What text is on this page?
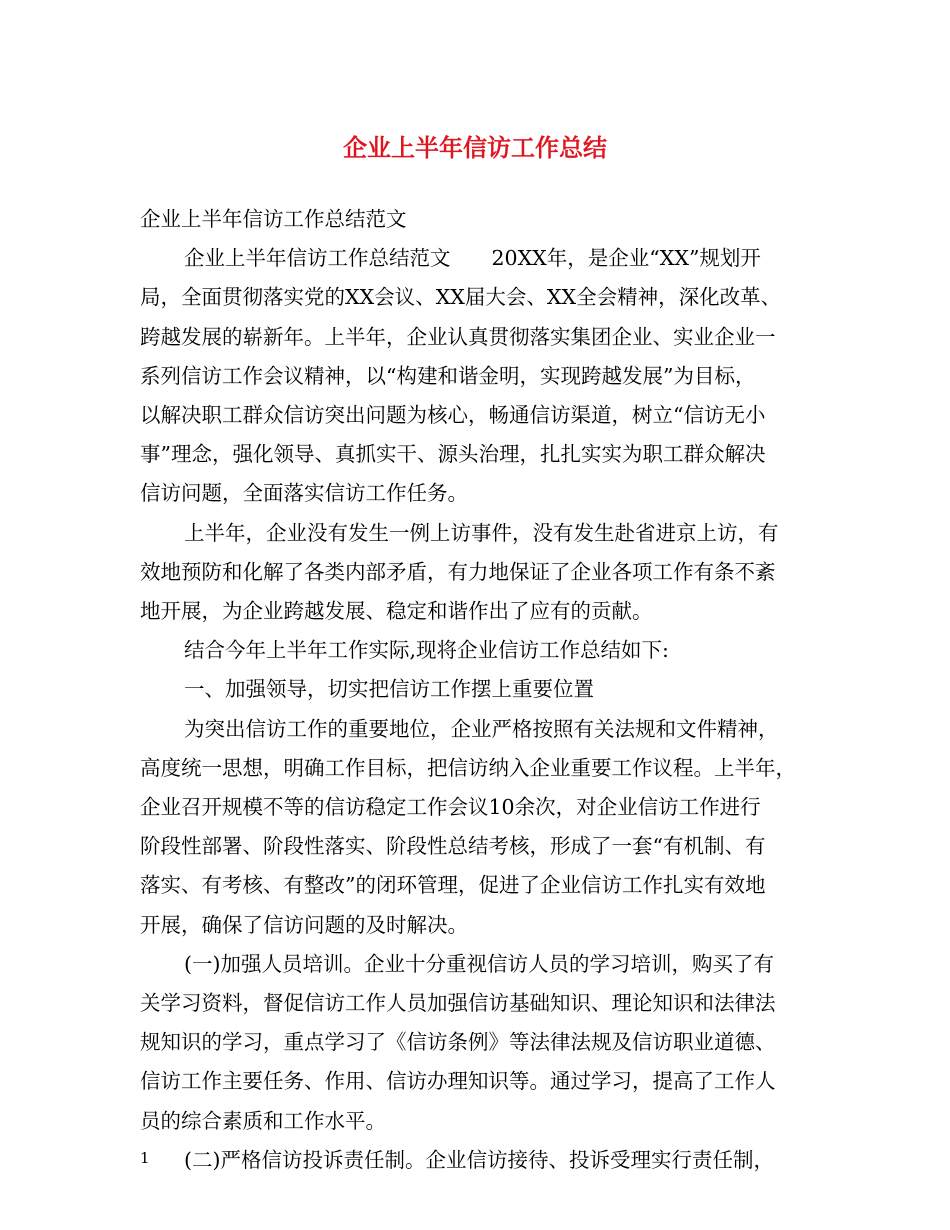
企业上半年信访工作总结
企业上半年信访工作总结范文
企业上半年信访工作总结范文　　20XX年，是企业“XX”规划开
局，全面贯彻落实党的XX会议、XX届大会、XX全会精神，深化改革、
跨越发展的崭新年。上半年，企业认真贯彻落实集团企业、实业企业一
系列信访工作会议精神，以“构建和谐金明，实现跨越发展”为目标，
以解决职工群众信访突出问题为核心，畅通信访渠道，树立“信访无小
事”理念，强化领导、真抓实干、源头治理，扎扎实实为职工群众解决
信访问题，全面落实信访工作任务。
上半年，企业没有发生一例上访事件，没有发生赴省进京上访，有
效地预防和化解了各类内部矛盾，有力地保证了企业各项工作有条不紊
地开展，为企业跨越发展、稳定和谐作出了应有的贡献。
结合今年上半年工作实际,现将企业信访工作总结如下:
一、加强领导，切实把信访工作摆上重要位置
为突出信访工作的重要地位，企业严格按照有关法规和文件精神，
高度统一思想，明确工作目标，把信访纳入企业重要工作议程。上半年，
企业召开规模不等的信访稳定工作会议10余次，对企业信访工作进行
阶段性部署、阶段性落实、阶段性总结考核，形成了一套“有机制、有
落实、有考核、有整改”的闭环管理，促进了企业信访工作扎实有效地
开展，确保了信访问题的及时解决。
(一)加强人员培训。企业十分重视信访人员的学习培训，购买了有
关学习资料，督促信访工作人员加强信访基础知识、理论知识和法律法
规知识的学习，重点学习了《信访条例》等法律法规及信访职业道德、
信访工作主要任务、作用、信访办理知识等。通过学习，提高了工作人
员的综合素质和工作水平。
(二)严格信访投诉责任制。企业信访接待、投诉受理实行责任制，
1
